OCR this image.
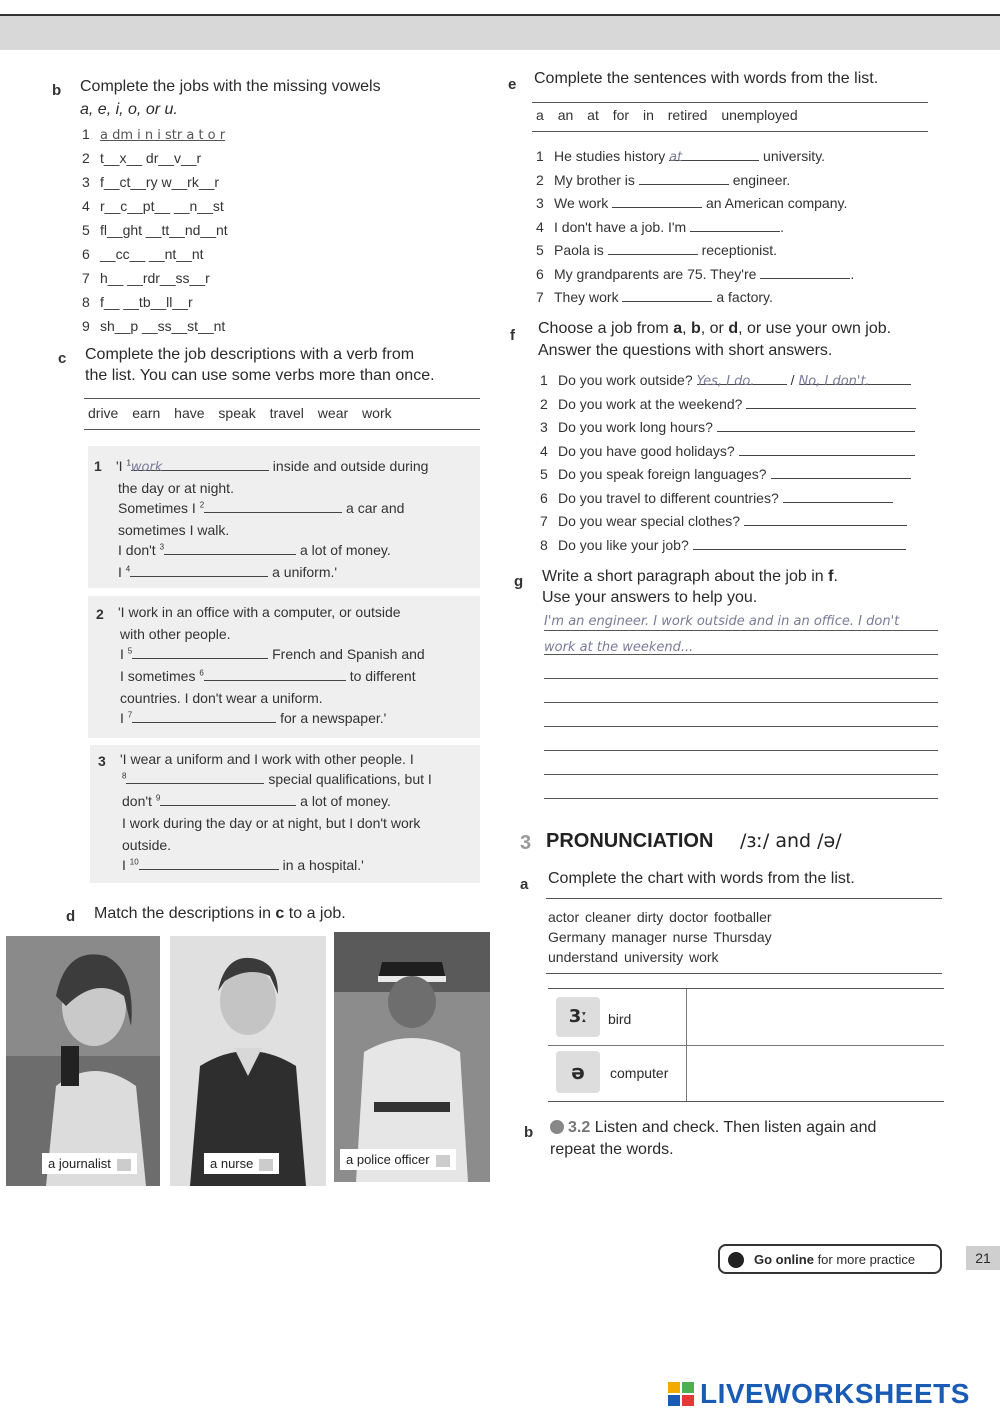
b Complete the jobs with the missing vowels
a, e, i, o, or u.
1 a dm i n i str a t o r
2 t__x__ dr__v__r
3 f__ct__ry w__rk__r
4 r__c__pt__ __n__st
5 fl__ght __tt__nd__nt
6 __cc__ __nt__nt
7 h__ __rdr__ss__r
8 f__ __tb__ll__r
9 sh__p __ss__st__nt
c Complete the job descriptions with a verb from
the list. You can use some verbs more than once.
drive earn have speak travel wear work
1 'I $^1$work	inside and outside during
the day or at night.
Sometimes I $^2$	a car and
sometimes I walk.
I don't $^3$	a lot of money.
I $^4$	a uniform.'
2 'I work in an office with a computer, or outside
with other people.
I $^5$	French and Spanish and
I sometimes $^6$	to different
countries. I don't wear a uniform.
I $^7$	for a newspaper.'
3 'I wear a uniform and I work with other people. I
$^8$	special qualifications, but I
don't $^9$	a lot of money.
I work during the day or at night, but I don't work
outside.
I $^{10}$	in a hospital.'
d Match the descriptions in c to a job.
a journalist	a nurse	a police officer
e Complete the sentences with words from the list.
a an at for in retired unemployed
1 He studies history at	university.
2 My brother is	engineer.
3 We work	an American company.
4 I don't have a job. I'm	.
5 Paola is	receptionist.
6 My grandparents are 75. They're	.
7 They work	a factory.
f Choose a job from a, b, or d, or use your own job.
Answer the questions with short answers.
1 Do you work outside? Yes, I do.	/ No, I don't.
2 Do you work at the weekend?
3 Do you work long hours?
4 Do you have good holidays?
5 Do you speak foreign languages?
6 Do you travel to different countries?
7 Do you wear special clothes?
8 Do you like your job?
g Write a short paragraph about the job in f.
Use your answers to help you.
I'm an engineer. I work outside and in an office. I don't
work at the weekend...
3 PRONUNCIATION /ɜː/ and /ə/
a Complete the chart with words from the list.
actor cleaner dirty doctor footballer
Germany manager nurse Thursday
understand university work
3ː	bird
ə	computer
b	3.2 Listen and check. Then listen again and
repeat the words.
Go online for more practice	21
LIVEWORKSHEETS
